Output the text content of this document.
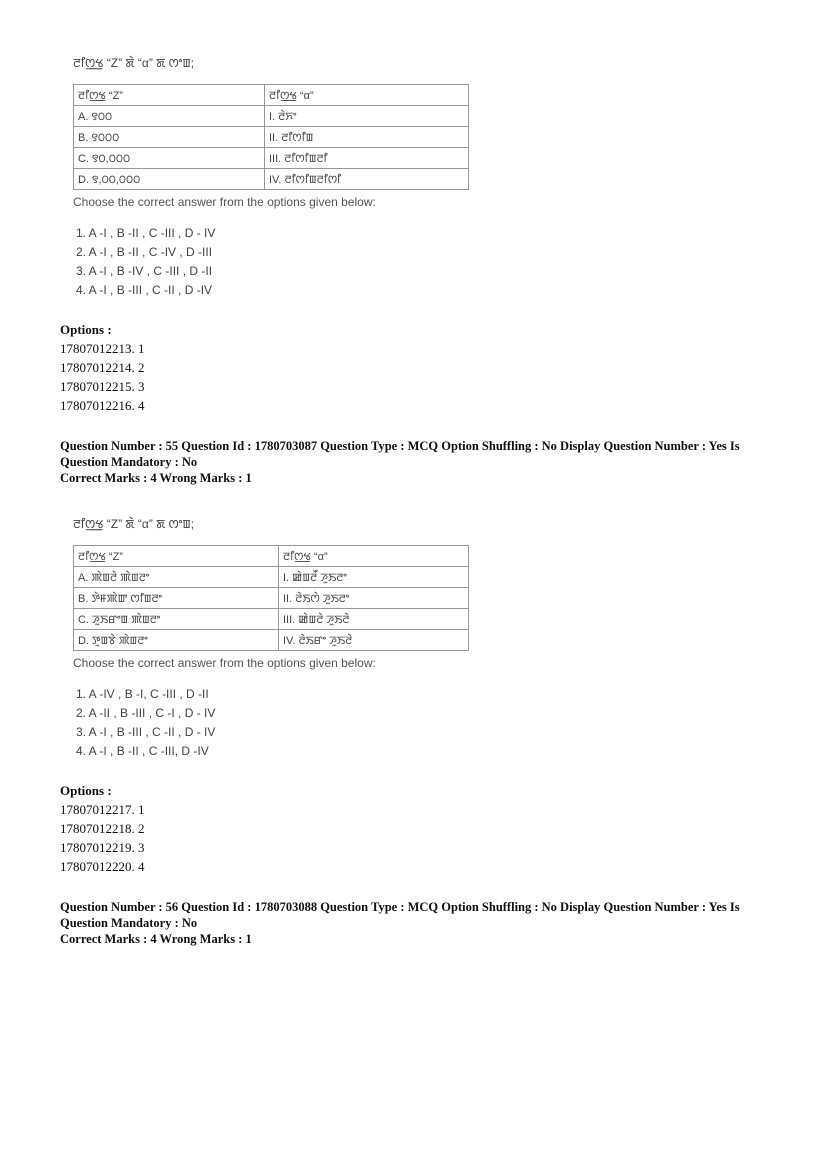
ꯂꯤꯁ꯭ꯠ “Z” ꯗꯥ “α” ꯗ ꯁꯦꯡ;
ꯂꯤꯁ꯭ꯠ “Z”	ꯂꯤꯁ꯭ꯠ “α”
A. ꯱꯰꯰	I. ꯂꯥꯈꯦ
B. ꯱꯰꯰꯰	II. ꯂꯤꯁꯤꯡ
C. ꯱꯰,꯰꯰꯰	III. ꯂꯤꯁꯤꯡꯂꯤ
D. ꯱,꯰꯰,꯰꯰꯰	IV. ꯂꯤꯁꯤꯡꯂꯤꯁꯤ
Choose the correct answer from the options given below:
1. A -I , B -II , C -III , D - IV
2. A -I , B -II , C -IV , D -III
3. A -I , B -IV , C -III , D -II
4. A -I , B -III , C -II , D -IV
Options :
17807012213. 1
17807012214. 2
17807012215. 3
17807012216. 4
Question Number : 55 Question Id : 1780703087 Question Type : MCQ Option Shuffling : No Display Question Number : Yes Is
Question Mandatory : No
Correct Marks : 4 Wrong Marks : 1
ꯂꯤꯁ꯭ꯠ “Z” ꯗꯥ “α” ꯗ ꯁꯦꯡ;
ꯂꯤꯁ꯭ꯠ “Z”	ꯂꯤꯁ꯭ꯠ “α”
A. ꯄꯥꯡꯂꯥ ꯄꯥꯡꯂꯦ	I. ꯀꯥꯡꯂꯩ ꯍꯨꯏꯂꯦ
B. ꯇꯥꯝꯄꯥꯛ ꯁꯤꯡꯂꯦ	II. ꯂꯥꯏꯁꯥ ꯍꯨꯏꯂꯦ
C. ꯍꯨꯏꯔꯦꯡ ꯄꯥꯡꯂꯦ	III. ꯀꯥꯡꯂꯥ ꯍꯨꯏꯂꯥ
D. ꯇꯨꯡꯕꯥ ꯄꯥꯡꯂꯦ	IV. ꯂꯥꯏꯔꯦ ꯍꯨꯏꯂꯥ
Choose the correct answer from the options given below:
1. A -IV , B -I, C -III , D -II
2. A -II , B -III , C -I , D - IV
3. A -I , B -III , C -II , D - IV
4. A -I , B -II , C -III, D -IV
Options :
17807012217. 1
17807012218. 2
17807012219. 3
17807012220. 4
Question Number : 56 Question Id : 1780703088 Question Type : MCQ Option Shuffling : No Display Question Number : Yes Is
Question Mandatory : No
Correct Marks : 4 Wrong Marks : 1
